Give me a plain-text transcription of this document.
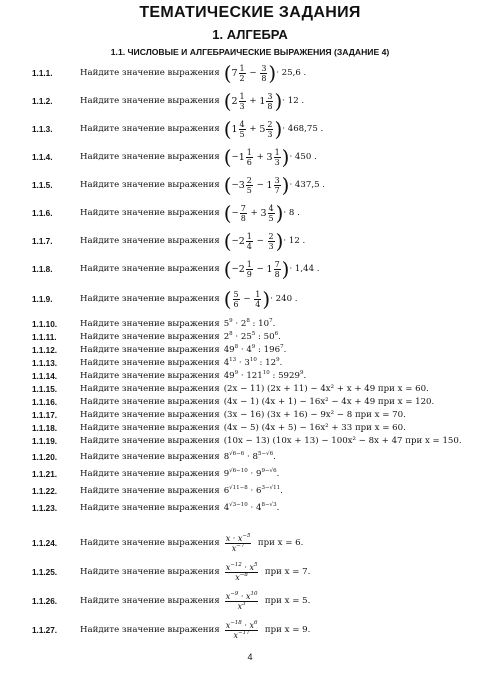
ТЕМАТИЧЕСКИЕ ЗАДАНИЯ
1. АЛГЕБРА
1.1. ЧИСЛОВЫЕ И АЛГЕБРАИЧЕСКИЕ ВЫРАЖЕНИЯ (ЗАДАНИЕ 4)
1.1.1.	Найдите значение выражения ( $7 \frac{1}{2} - \frac{3}{8}$ ) · 25,6 .
1.1.2.	Найдите значение выражения ( $2 \frac{1}{3} + 1 \frac{3}{8}$ ) · 12 .
1.1.3.	Найдите значение выражения ( $1 \frac{4}{5} + 5 \frac{2}{3}$ ) · 468,75 .
1.1.4.	Найдите значение выражения ( − $1 \frac{1}{6} + 3 \frac{1}{3}$ ) · 450 .
1.1.5.	Найдите значение выражения ( − $3 \frac{2}{5} - 1 \frac{3}{7}$ ) · 437,5 .
1.1.6.	Найдите значение выражения ( − $\frac{7}{8} + 3 \frac{4}{5}$ ) · 8 .
1.1.7.	Найдите значение выражения ( − $2 \frac{1}{4} - \frac{2}{3}$ ) · 12 .
1.1.8.	Найдите значение выражения ( − $2 \frac{1}{9} - 1 \frac{7}{8}$ ) · 1,44 .
1.1.9.	Найдите значение выражения ( $\frac{5}{6} - \frac{1}{4}$ ) · 240 .
1.1.10.	Найдите значение выражения $5^9 \cdot 2^8$ : $10^7$.
1.1.11.	Найдите значение выражения $2^8 \cdot 25^5$ : $50^6$.
1.1.12.	Найдите значение выражения $49^8 \cdot 4^9$ : $196^7$.
1.1.13.	Найдите значение выражения $4^{13} \cdot 3^{10}$ : $12^9$.
1.1.14.	Найдите значение выражения $49^9 \cdot 121^{10}$ : 5929$^9$.
1.1.15.	Найдите значение выражения (2x − 11) (2x + 11) − 4x² + x + 49 при x = 60.
1.1.16.	Найдите значение выражения (4x − 1) (4x + 1) − 16x² − 4x + 49 при x = 120.
1.1.17.	Найдите значение выражения (3x − 16) (3x + 16) − 9x² − 8 при x = 70.
1.1.18.	Найдите значение выражения (4x − 5) (4x + 5) − 16x² + 33 при x = 60.
1.1.19.	Найдите значение выражения (10x − 13) (10x + 13) − 100x² − 8x + 47 при x = 150.
1.1.20.	Найдите значение выражения $8^{√6-6} \cdot 8^{5-√6}$.
1.1.21.	Найдите значение выражения $9^{√6-10} \cdot 9^{9-√6}$.
1.1.22.	Найдите значение выражения $6^{√11-8} \cdot 6^{3-√11}$.
1.1.23.	Найдите значение выражения $4^{√3-10} \cdot 4^{8-√3}$.
1.1.24.	Найдите значение выражения $\frac{x \cdot x^{-5}}{x^{-7}}$
при x = 6.
1.1.25.	Найдите значение выражения $\frac{x^{-12} \cdot x^5}{x^{-8}}$
при x = 7.
1.1.26.	Найдите значение выражения $\frac{x^{-9} \cdot x^{10}}{x^3}$
при x = 5.
1.1.27.	Найдите значение выражения $\frac{x^{-18} \cdot x^6}{x^{-17}}$
при x = 9.
4
